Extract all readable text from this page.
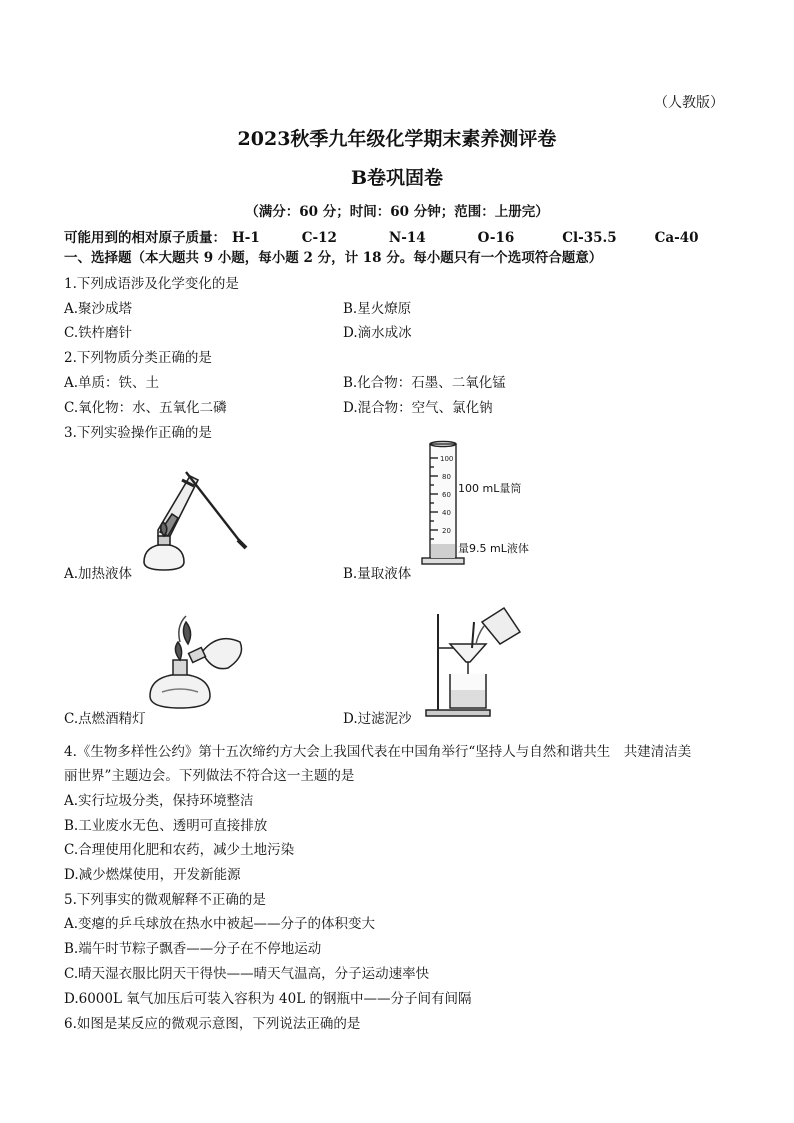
（人教版）
2023秋季九年级化学期末素养测评卷
B卷巩固卷
（满分：60 分；时间：60 分钟；范围：上册完）
可能用到的相对原子质量： H-1	C-12	N-14	O-16	Cl-35.5	Ca-40
一、选择题（本大题共 9 小题，每小题 2 分，计 18 分。每小题只有一个选项符合题意）
1.下列成语涉及化学变化的是
A.聚沙成塔	B.星火燎原
C.铁杵磨针	D.滴水成冰
2.下列物质分类正确的是
A.单质：铁、土	B.化合物：石墨、二氧化锰
C.氧化物：水、五氧化二磷	D.混合物：空气、氯化钠
3.下列实验操作正确的是
A.加热液体
100
80
60
40
20
100 mL量筒
量9.5 mL液体
B.量取液体
C.点燃酒精灯	D.过滤泥沙
4.《生物多样性公约》第十五次缔约方大会上我国代表在中国角举行“坚持人与自然和谐共生　共建清洁美
丽世界”主题边会。下列做法不符合这一主题的是
A.实行垃圾分类，保持环境整洁
B.工业废水无色、透明可直接排放
C.合理使用化肥和农药，减少土地污染
D.减少燃煤使用，开发新能源
5.下列事实的微观解释不正确的是
A.变瘪的乒乓球放在热水中被起——分子的体积变大
B.端午时节粽子飘香——分子在不停地运动
C.晴天湿衣服比阴天干得快——晴天气温高，分子运动速率快
D.6000L 氧气加压后可装入容积为 40L 的钢瓶中——分子间有间隔
6.如图是某反应的微观示意图，下列说法正确的是
